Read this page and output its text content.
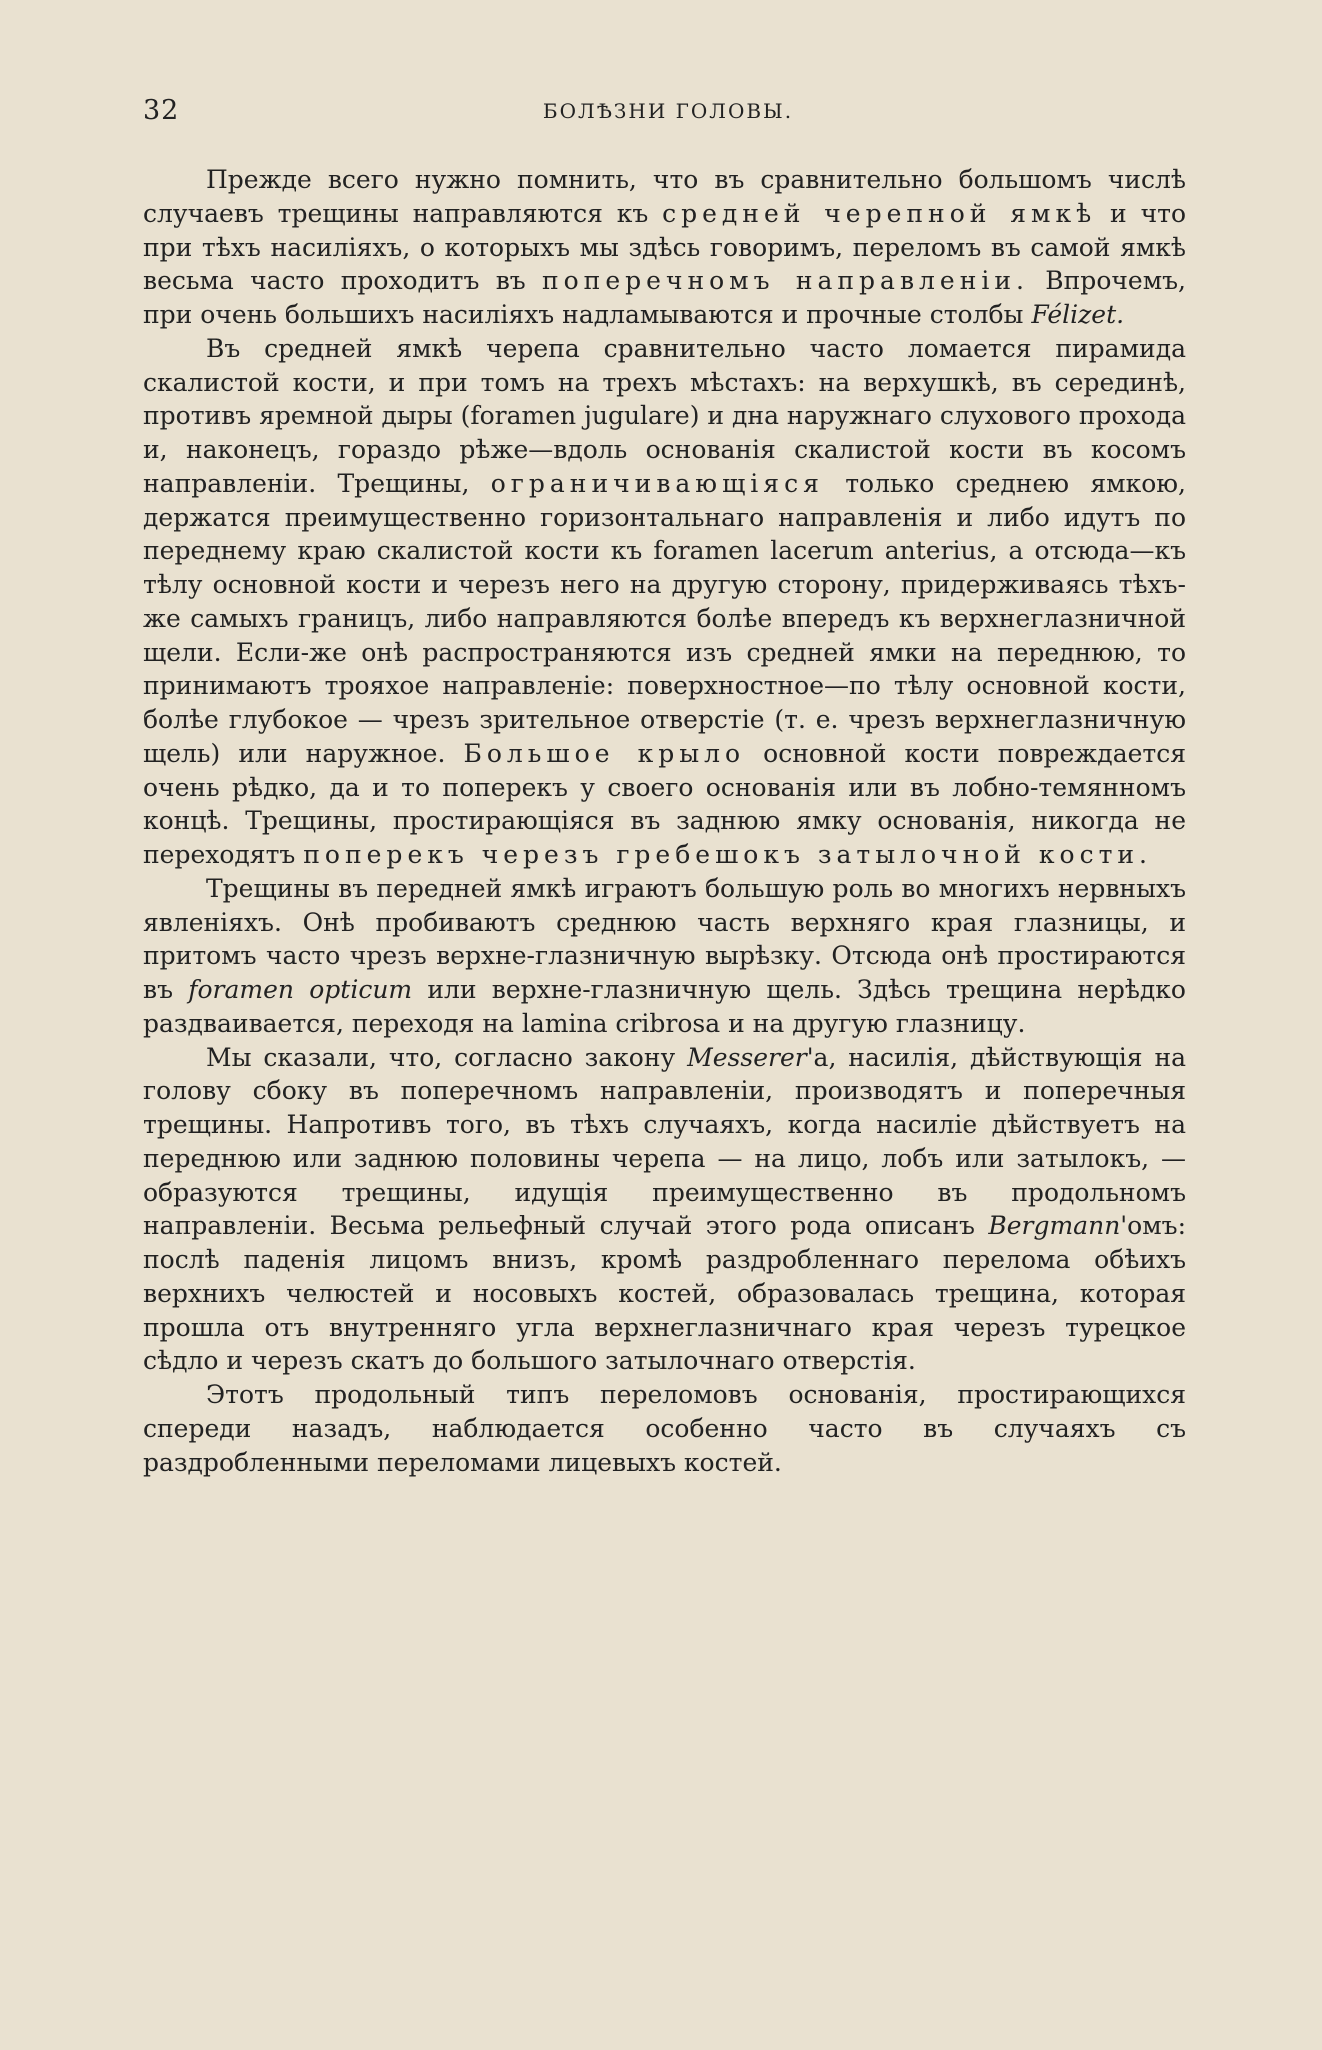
32	БОЛѢЗНИ ГОЛОВЫ.

Прежде всего нужно помнить, что въ сравнительно большомъ числѣ случаевъ трещины направляются къ средней черепной ямкѣ и что при тѣхъ насиліяхъ, о которыхъ мы здѣсь говоримъ, переломъ въ самой ямкѣ весьма часто проходитъ въ поперечномъ направленіи. Впрочемъ, при очень большихъ насиліяхъ надламываются и прочные столбы Félizet.

Въ средней ямкѣ черепа сравнительно часто ломается пирамида скалистой кости, и при томъ на трехъ мѣстахъ: на верхушкѣ, въ серединѣ, противъ яремной дыры (foramen jugulare) и дна наружнаго слухового прохода и, наконецъ, гораздо рѣже—вдоль основанія скалистой кости въ косомъ направленіи. Трещины, ограничивающіяся только среднею ямкою, держатся преимущественно горизонтальнаго направленія и либо идутъ по переднему краю скалистой кости къ foramen lacerum anterius, а отсюда—къ тѣлу основной кости и черезъ него на другую сторону, придерживаясь тѣхъ-же самыхъ границъ, либо направляются болѣе впередъ къ верхнеглазничной щели. Если-же онѣ распространяются изъ средней ямки на переднюю, то принимаютъ трояхое направленіе: поверхностное—по тѣлу основной кости, болѣе глубокое — чрезъ зрительное отверстіе (т. е. чрезъ верхнеглазничную щель) или наружное. Большое крыло основной кости повреждается очень рѣдко, да и то поперекъ у своего основанія или въ лобно-темянномъ концѣ. Трещины, простирающіяся въ заднюю ямку основанія, никогда не переходятъ поперекъ черезъ гребешокъ затылочной кости.

Трещины въ передней ямкѣ играютъ большую роль во многихъ нервныхъ явленіяхъ. Онѣ пробиваютъ среднюю часть верхняго края глазницы, и притомъ часто чрезъ верхне-глазничную вырѣзку. Отсюда онѣ простираются въ foramen opticum или верхне-глазничную щель. Здѣсь трещина нерѣдко раздваивается, переходя на lamina cribrosa и на другую глазницу.

Мы сказали, что, согласно закону Messerer'а, насилія, дѣйствующія на голову сбоку въ поперечномъ направленіи, производятъ и поперечныя трещины. Напротивъ того, въ тѣхъ случаяхъ, когда насиліе дѣйствуетъ на переднюю или заднюю половины черепа — на лицо, лобъ или затылокъ, — образуются трещины, идущія преимущественно въ продольномъ направленіи. Весьма рельефный случай этого рода описанъ Bergmann'омъ: послѣ паденія лицомъ внизъ, кромѣ раздробленнаго перелома обѣихъ верхнихъ челюстей и носовыхъ костей, образовалась трещина, которая прошла отъ внутренняго угла верхнеглазничнаго края черезъ турецкое сѣдло и черезъ скатъ до большого затылочнаго отверстія.

Этотъ продольный типъ переломовъ основанія, простирающихся спереди назадъ, наблюдается особенно часто въ случаяхъ съ раздробленными переломами лицевыхъ костей.
